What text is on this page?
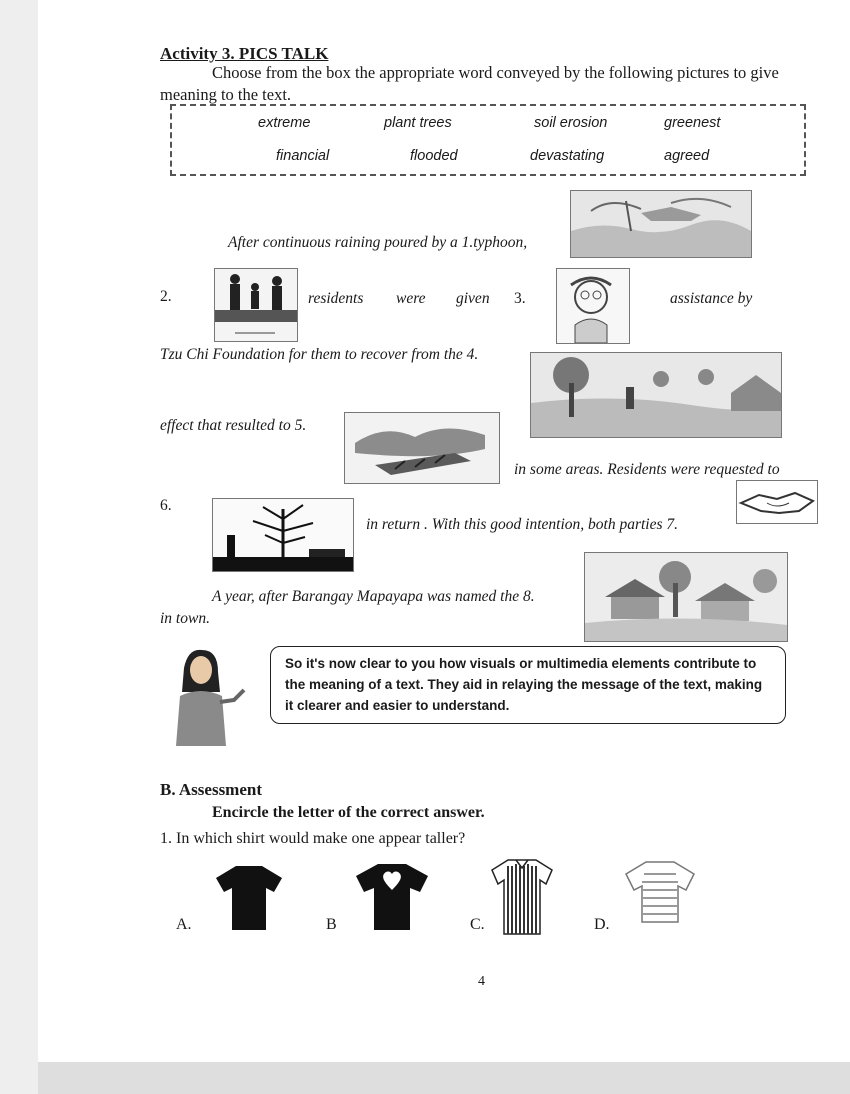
Activity 3. PICS TALK
Choose from the box the appropriate word conveyed by the following pictures to give meaning to the text.
extreme	plant trees	soil erosion	greenest
financial	flooded	devastating	agreed
After continuous raining poured by a 1.typhoon,
2.	residents were given 3.	assistance by
Tzu Chi Foundation for them to recover from the 4.
effect that resulted to 5.
in some areas. Residents were requested to
6.
in return . With this good intention, both parties 7.
A year, after Barangay Mapayapa was named the 8.
in town.
So it's now clear to you how visuals or multimedia elements contribute to the meaning of a text. They aid in relaying the message of the text, making it clearer and easier to understand.
B. Assessment
Encircle the letter of the correct answer.
1. In which shirt would make one appear taller?
A.	B	C.	D.
4
